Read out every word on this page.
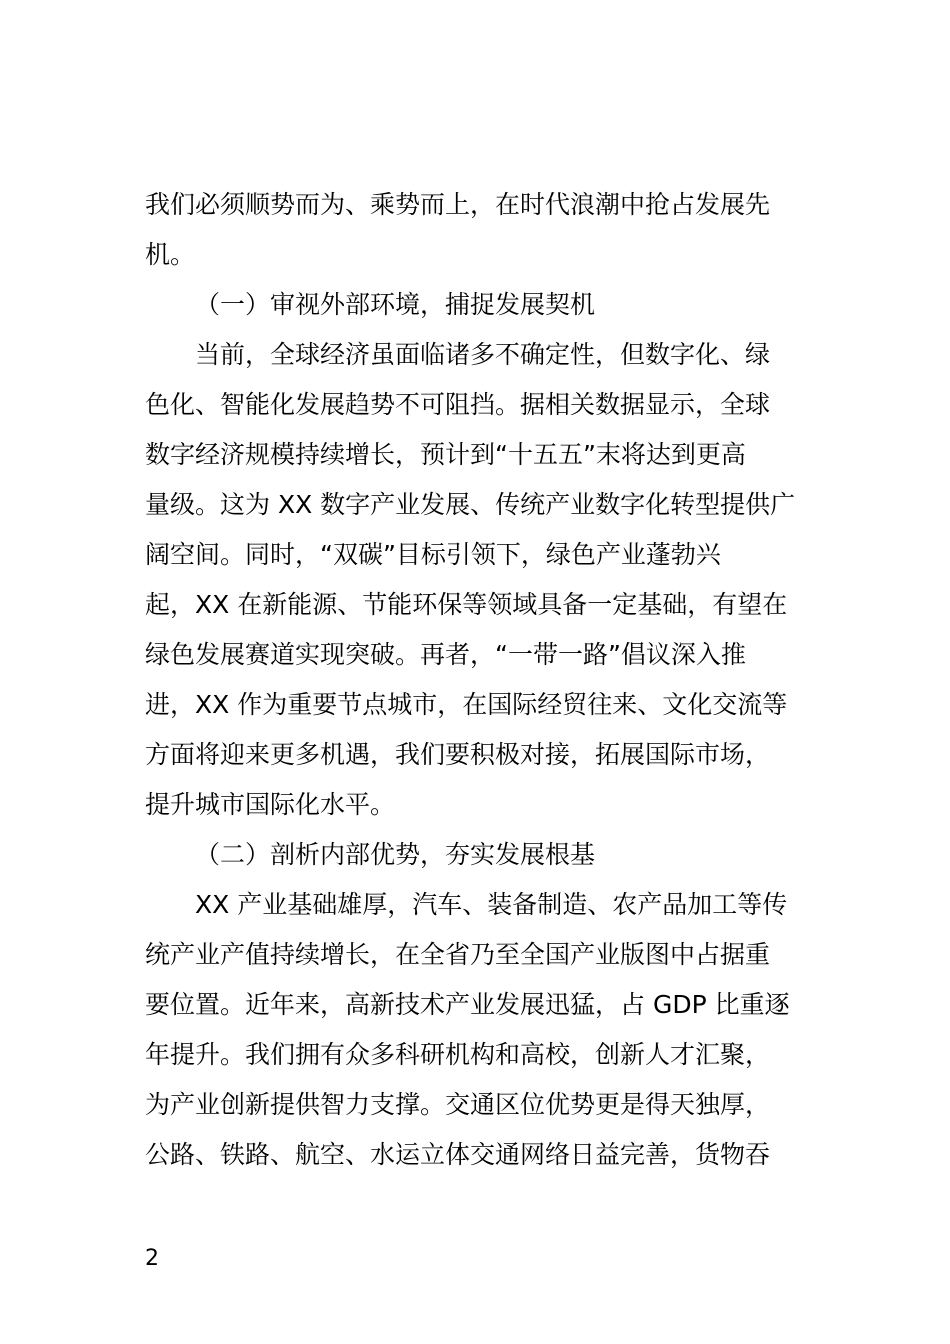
我们必须顺势而为、乘势而上，在时代浪潮中抢占发展先

机。

（一）审视外部环境，捕捉发展契机

当前，全球经济虽面临诸多不确定性，但数字化、绿

色化、智能化发展趋势不可阻挡。据相关数据显示，全球

数字经济规模持续增长，预计到“十五五”末将达到更高

量级。这为 XX 数字产业发展、传统产业数字化转型提供广

阔空间。同时，“双碳”目标引领下，绿色产业蓬勃兴

起，XX 在新能源、节能环保等领域具备一定基础，有望在

绿色发展赛道实现突破。再者，“一带一路”倡议深入推

进，XX 作为重要节点城市，在国际经贸往来、文化交流等

方面将迎来更多机遇，我们要积极对接，拓展国际市场，

提升城市国际化水平。

（二）剖析内部优势，夯实发展根基

XX 产业基础雄厚，汽车、装备制造、农产品加工等传

统产业产值持续增长，在全省乃至全国产业版图中占据重

要位置。近年来，高新技术产业发展迅猛，占 GDP 比重逐

年提升。我们拥有众多科研机构和高校，创新人才汇聚，

为产业创新提供智力支撑。交通区位优势更是得天独厚，

公路、铁路、航空、水运立体交通网络日益完善，货物吞

2
